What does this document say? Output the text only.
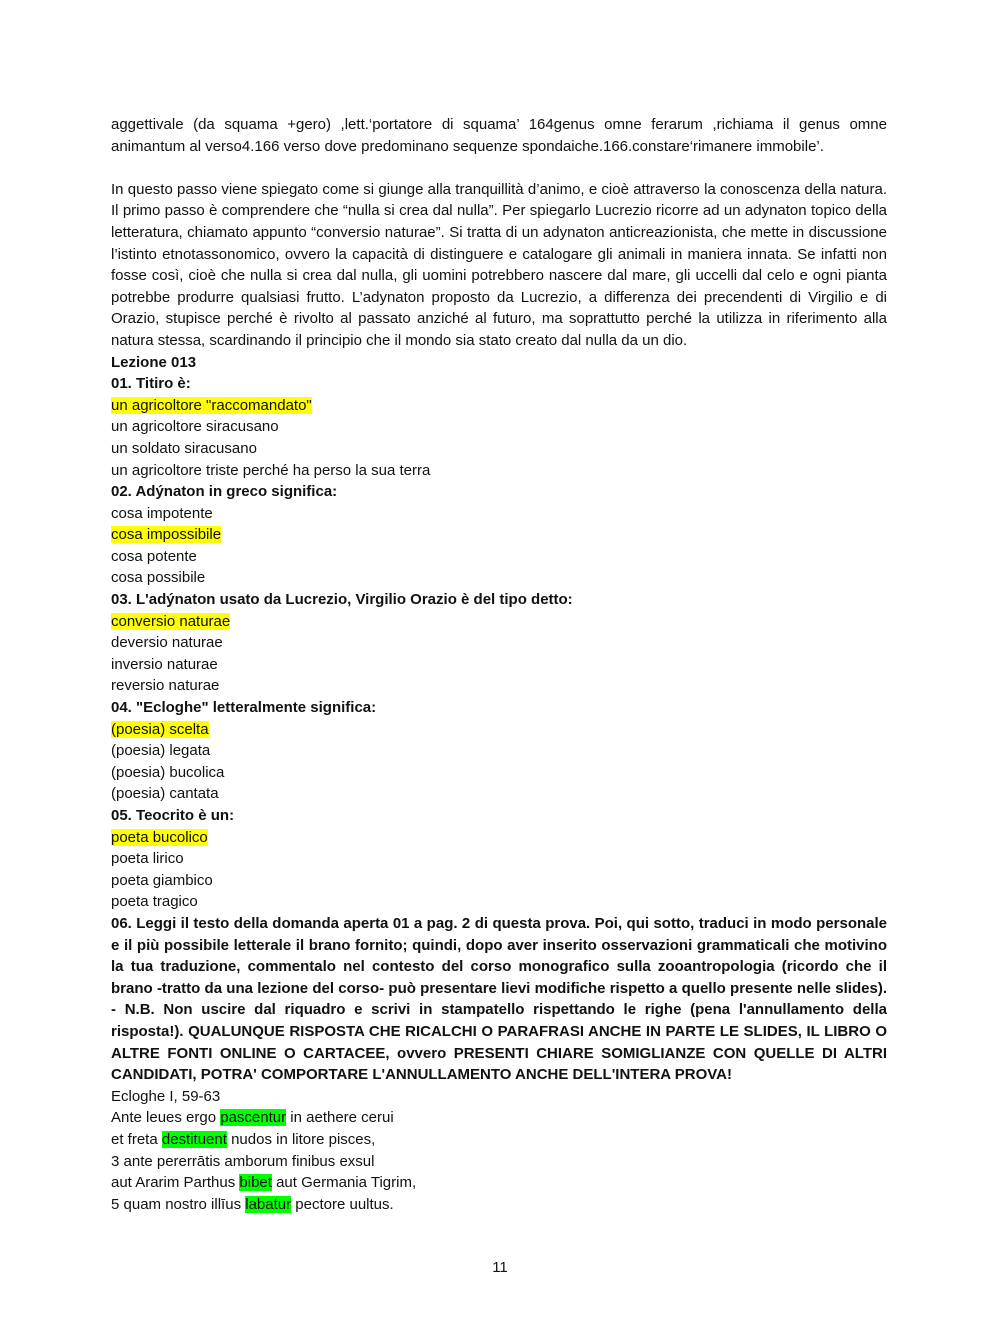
aggettivale (da squama +gero) ,lett.‘portatore di squama’ 164genus omne ferarum ,richiama il genus omne animantum al verso4.166 verso dove predominano sequenze spondaiche.166.constare‘rimanere immobile’.

In questo passo viene spiegato come si giunge alla tranquillità d’animo, e cioè attraverso la conoscenza della natura. Il primo passo è comprendere che “nulla si crea dal nulla”. Per spiegarlo Lucrezio ricorre ad un adynaton topico della letteratura, chiamato appunto “conversio naturae”. Si tratta di un adynaton anticreazionista, che mette in discussione l’istinto etnotassonomico, ovvero la capacità di distinguere e catalogare gli animali in maniera innata. Se infatti non fosse così, cioè che nulla si crea dal nulla, gli uomini potrebbero nascere dal mare, gli uccelli dal celo e ogni pianta potrebbe produrre qualsiasi frutto. L’adynaton proposto da Lucrezio, a differenza dei precendenti di Virgilio e di Orazio, stupisce perché è rivolto al passato anziché al futuro, ma soprattutto perché la utilizza in riferimento alla natura stessa, scardinando il principio che il mondo sia stato creato dal nulla da un dio.

Lezione 013

01. Titiro è:

un agricoltore "raccomandato"

un agricoltore siracusano

un soldato siracusano

un agricoltore triste perché ha perso la sua terra

02. Adýnaton in greco significa:

cosa impotente

cosa impossibile

cosa potente

cosa possibile

03. L'adýnaton usato da Lucrezio, Virgilio Orazio è del tipo detto:

conversio naturae

deversio naturae

inversio naturae

reversio naturae

04. "Ecloghe" letteralmente significa:

(poesia) scelta

(poesia) legata

(poesia) bucolica

(poesia) cantata

05. Teocrito è un:

poeta bucolico

poeta lirico

poeta giambico

poeta tragico

06. Leggi il testo della domanda aperta 01 a pag. 2 di questa prova. Poi, qui sotto, traduci in modo personale e il più possibile letterale il brano fornito; quindi, dopo aver inserito osservazioni grammaticali che motivino la tua traduzione, commentalo nel contesto del corso monografico sulla zooantropologia (ricordo che il brano -tratto da una lezione del corso- può presentare lievi modifiche rispetto a quello presente nelle slides). - N.B. Non uscire dal riquadro e scrivi in stampatello rispettando le righe (pena l'annullamento della risposta!). QUALUNQUE RISPOSTA CHE RICALCHI O PARAFRASI ANCHE IN PARTE LE SLIDES, IL LIBRO O ALTRE FONTI ONLINE O CARTACEE, ovvero PRESENTI CHIARE SOMIGLIANZE CON QUELLE DI ALTRI CANDIDATI, POTRA' COMPORTARE L'ANNULLAMENTO ANCHE DELL'INTERA PROVA!

Ecloghe I, 59-63

Ante leues ergo pascentur in aethere cerui

et freta destituent nudos in litore pisces,

3 ante pererrātis amborum finibus exsul

aut Ararim Parthus bibet aut Germania Tigrim,

5 quam nostro illīus labatur pectore uultus.

11
